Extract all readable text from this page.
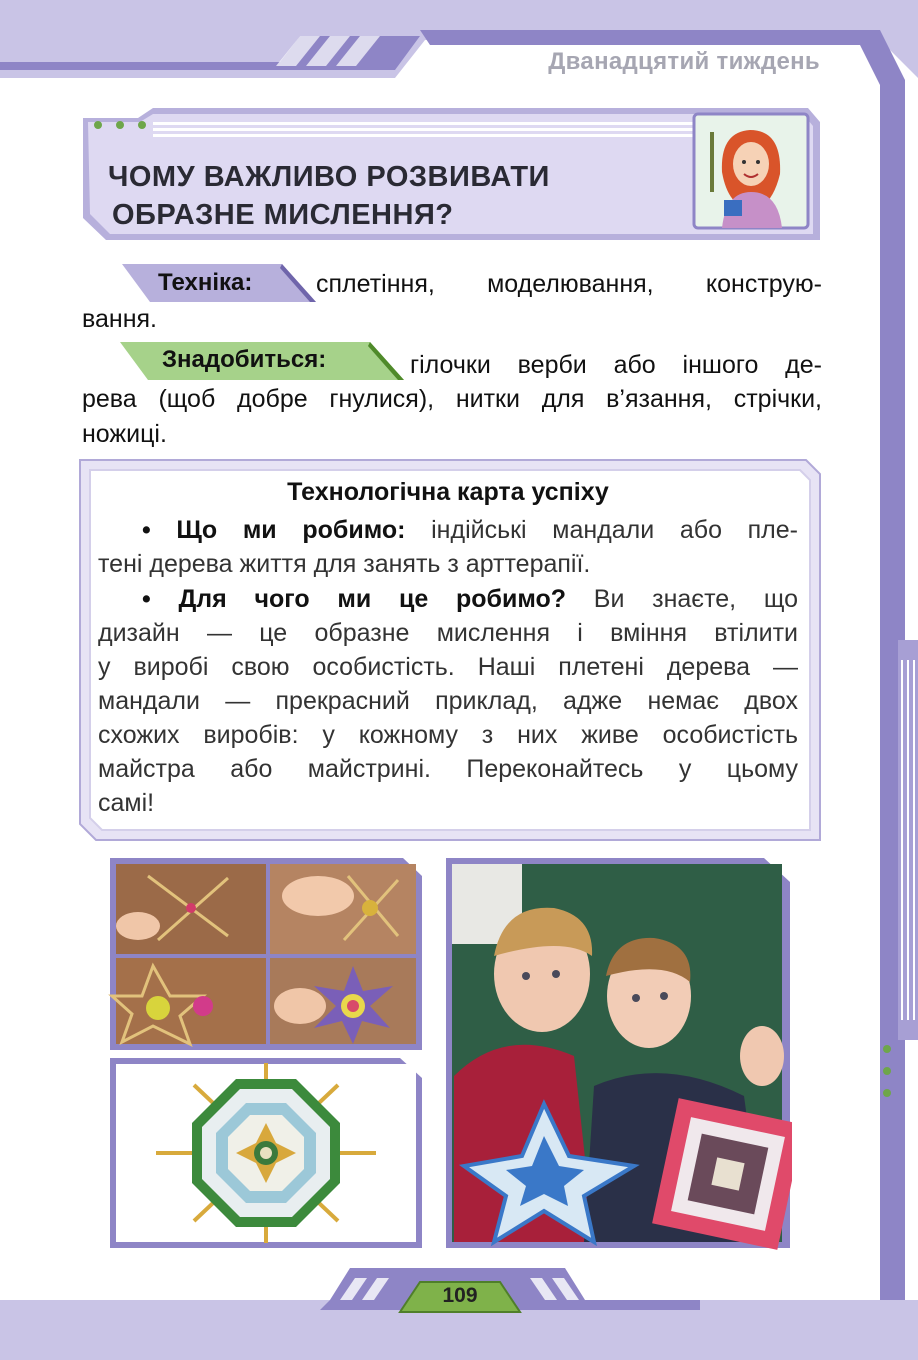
Дванадцятий тиждень
ЧОМУ ВАЖЛИВО РОЗВИВАТИ
ОБРАЗНЕ МИСЛЕННЯ?
Техніка:	сплетіння, моделювання, конструю-
вання.
Знадобиться:	гілочки верби або іншого де-
рева (щоб добре гнулися), нитки для в’язання, стрічки,
ножиці.
Технологічна карта успіху
• Що ми робимо: індійські мандали або пле-
тені дерева життя для занять з арттерапії.
• Для чого ми це робимо? Ви знаєте, що
дизайн — це образне мислення і вміння втілити
у виробі свою особистість. Наші плетені дерева —
мандали — прекрасний приклад, адже немає двох
схожих виробів: у кожному з них живе особистість
майстра або майстрині. Переконайтесь у цьому
самі!
109
